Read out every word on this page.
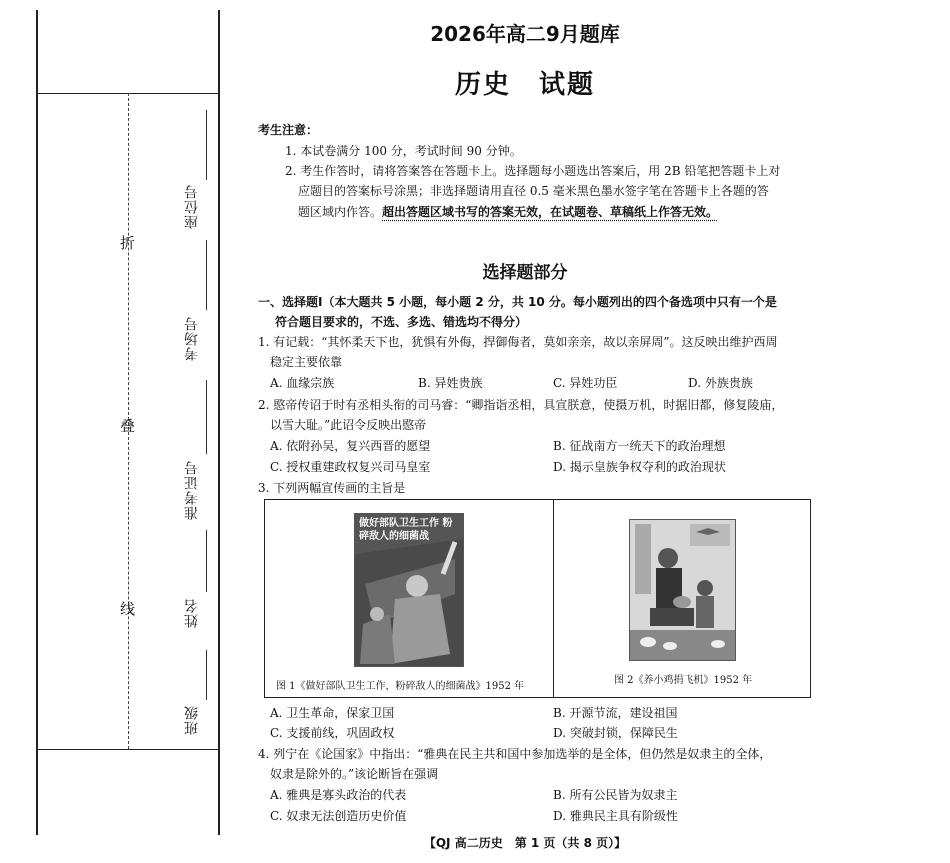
折
叠
线
座位号
考场号
准考证号
姓名
班级
2026年高二9月题库
历史　试题
考生注意：
1. 本试卷满分 100 分，考试时间 90 分钟。
2. 考生作答时，请将答案答在答题卡上。选择题每小题选出答案后，用 2B 铅笔把答题卡上对
应题目的答案标号涂黑；非选择题请用直径 0.5 毫米黑色墨水签字笔在答题卡上各题的答
题区域内作答。超出答题区域书写的答案无效，在试题卷、草稿纸上作答无效。
选择题部分
一、选择题Ⅰ（本大题共 5 小题，每小题 2 分，共 10 分。每小题列出的四个备选项中只有一个是
符合题目要求的，不选、多选、错选均不得分）
1. 有记载：“其怀柔天下也，犹惧有外侮，捍御侮者，莫如亲亲，故以亲屏周”。这反映出维护西周
稳定主要依靠
A. 血缘宗族	B. 异姓贵族	C. 异姓功臣	D. 外族贵族
2. 愍帝传诏于时有丞相头衔的司马睿：“卿指诣丞相，具宣朕意，使摄万机，时据旧都，修复陵庙，
以雪大耻。”此诏令反映出愍帝
A. 依附孙吴，复兴西晋的愿望	B. 征战南方一统天下的政治理想
C. 授权重建政权复兴司马皇室	D. 揭示皇族争权夺利的政治现状
3. 下列两幅宣传画的主旨是
做好部队卫生工作 粉碎敌人的细菌战
图 1《做好部队卫生工作，粉碎敌人的细菌战》1952 年
图 2《养小鸡捐飞机》1952 年
A. 卫生革命，保家卫国	B. 开源节流，建设祖国
C. 支援前线，巩固政权	D. 突破封锁，保障民生
4. 列宁在《论国家》中指出：“雅典在民主共和国中参加选举的是全体，但仍然是奴隶主的全体，
奴隶是除外的。”该论断旨在强调
A. 雅典是寡头政治的代表	B. 所有公民皆为奴隶主
C. 奴隶无法创造历史价值	D. 雅典民主具有阶级性
【QJ 高二历史　第 1 页（共 8 页）】
